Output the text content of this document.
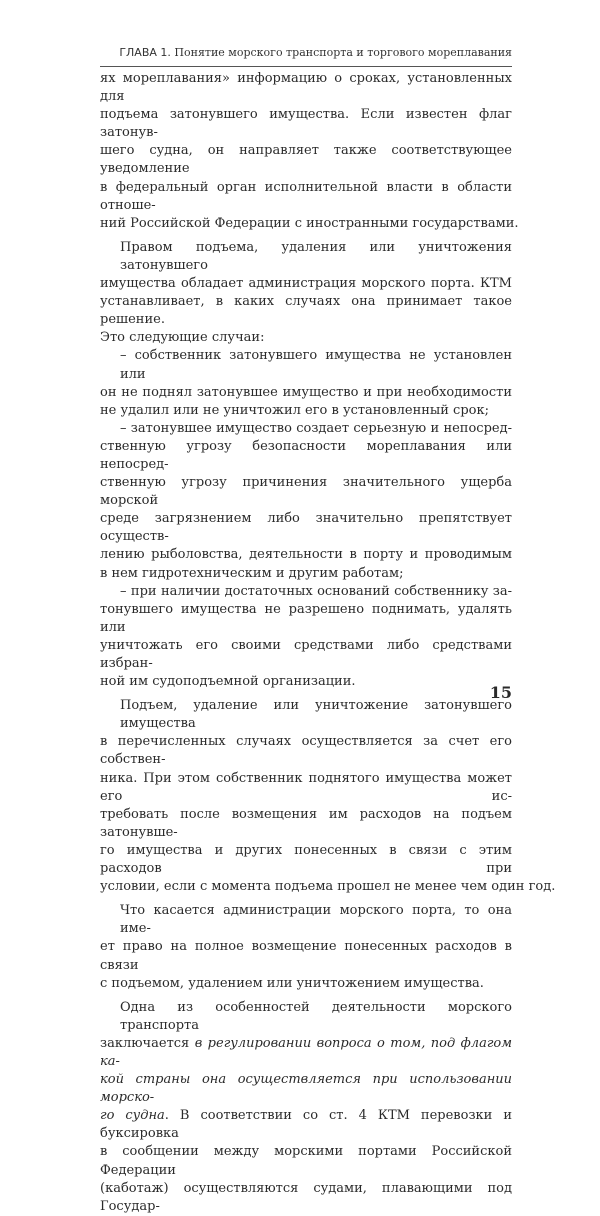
ГЛАВА 1. Понятие морского транспорта и торгового мореплавания
ях мореплавания» информацию о сроках, установленных для
подъема затонувшего имущества. Если известен флаг затонув-
шего судна, он направляет также соответствующее уведомление
в федеральный орган исполнительной власти в области отноше-
ний Российской Федерации с иностранными государствами.
Правом подъема, удаления или уничтожения затонувшего
имущества обладает администрация морского порта. КТМ
устанавливает, в каких случаях она принимает такое решение.
Это следующие случаи:
– собственник затонувшего имущества не установлен или
он не поднял затонувшее имущество и при необходимости
не удалил или не уничтожил его в установленный срок;
– затонувшее имущество создает серьезную и непосред-
ственную угрозу безопасности мореплавания или непосред-
ственную угрозу причинения значительного ущерба морской
среде загрязнением либо значительно препятствует осуществ-
лению рыболовства, деятельности в порту и проводимым
в нем гидротехническим и другим работам;
– при наличии достаточных оснований собственнику за-
тонувшего имущества не разрешено поднимать, удалять или
уничтожать его своими средствами либо средствами избран-
ной им судоподъемной организации.
Подъем, удаление или уничтожение затонувшего имущества
в перечисленных случаях осуществляется за счет его собствен-
ника. При этом собственник поднятого имущества может его ис-
требовать после возмещения им расходов на подъем затонувше-
го имущества и других понесенных в связи с этим расходов при
условии, если с момента подъема прошел не менее чем один год.
Что касается администрации морского порта, то она име-
ет право на полное возмещение понесенных расходов в связи
с подъемом, удалением или уничтожением имущества.
Одна из особенностей деятельности морского транспорта
заключается в регулировании вопроса о том, под флагом ка-
кой страны она осуществляется при использовании морско-
го судна. В соответствии со ст. 4 КТМ перевозки и буксировка
в сообщении между морскими портами Российской Федерации
(каботаж) осуществляются судами, плавающими под Государ-
15
